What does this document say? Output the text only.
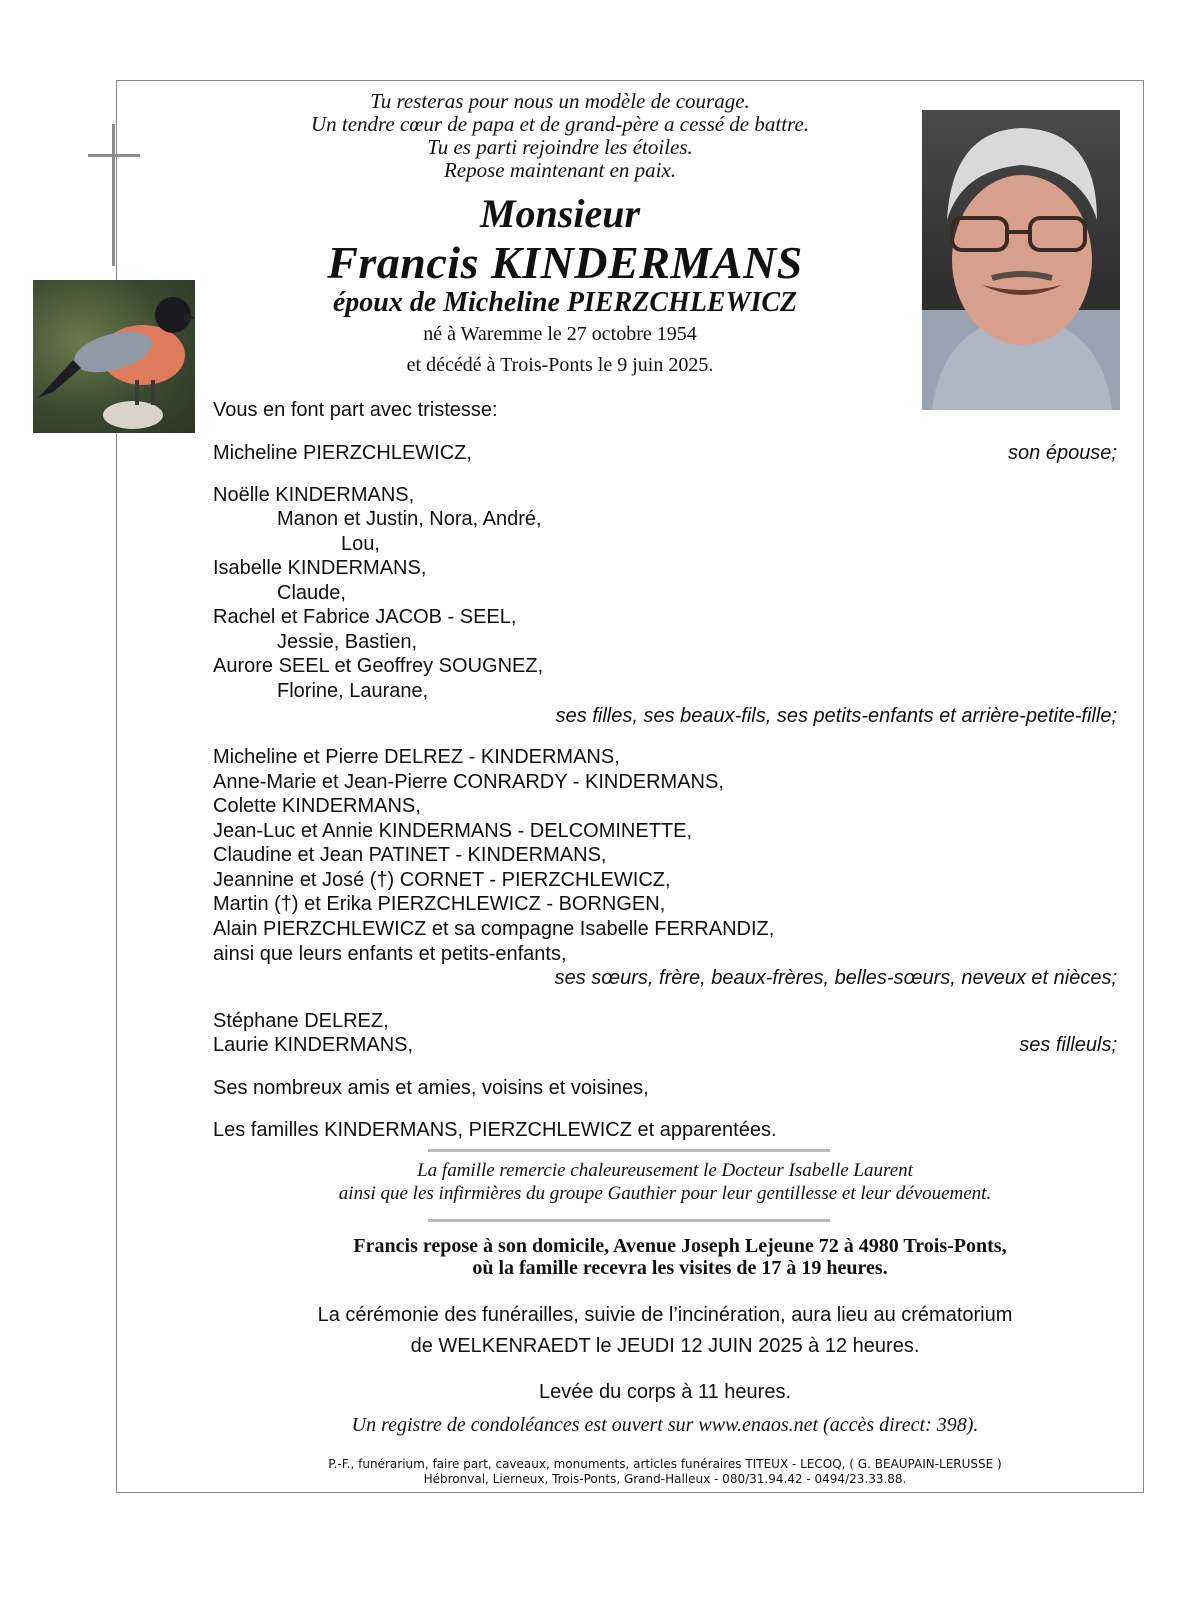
Tu resteras pour nous un modèle de courage.
Un tendre cœur de papa et de grand-père a cessé de battre.
Tu es parti rejoindre les étoiles.
Repose maintenant en paix.
Monsieur
Francis KINDERMANS
époux de Micheline PIERZCHLEWICZ
né à Waremme le 27 octobre 1954
et décédé à Trois-Ponts le 9 juin 2025.
Vous en font part avec tristesse:
Micheline PIERZCHLEWICZ,	son épouse;
Noëlle KINDERMANS,
Manon et Justin, Nora, André,
Lou,
Isabelle KINDERMANS,
Claude,
Rachel et Fabrice JACOB - SEEL,
Jessie, Bastien,
Aurore SEEL et Geoffrey SOUGNEZ,
Florine, Laurane,
ses filles, ses beaux-fils, ses petits-enfants et arrière-petite-fille;
Micheline et Pierre DELREZ - KINDERMANS,
Anne-Marie et Jean-Pierre CONRARDY - KINDERMANS,
Colette KINDERMANS,
Jean-Luc et Annie KINDERMANS - DELCOMINETTE,
Claudine et Jean PATINET - KINDERMANS,
Jeannine et José (†) CORNET - PIERZCHLEWICZ,
Martin (†) et Erika PIERZCHLEWICZ - BORNGEN,
Alain PIERZCHLEWICZ et sa compagne Isabelle FERRANDIZ,
ainsi que leurs enfants et petits-enfants,
ses sœurs, frère, beaux-frères, belles-sœurs, neveux et nièces;
Stéphane DELREZ,
Laurie KINDERMANS,	ses filleuls;
Ses nombreux amis et amies, voisins et voisines,
Les familles KINDERMANS, PIERZCHLEWICZ et apparentées.
La famille remercie chaleureusement le Docteur Isabelle Laurent
ainsi que les infirmières du groupe Gauthier pour leur gentillesse et leur dévouement.
Francis repose à son domicile, Avenue Joseph Lejeune 72 à 4980 Trois-Ponts,
où la famille recevra les visites de 17 à 19 heures.
La cérémonie des funérailles, suivie de l’incinération, aura lieu au crématorium
de WELKENRAEDT le JEUDI 12 JUIN 2025 à 12 heures.
Levée du corps à 11 heures.
Un registre de condoléances est ouvert sur www.enaos.net (accès direct: 398).
P.-F., funérarium, faire part, caveaux, monuments, articles funéraires TITEUX - LECOQ, ( G. BEAUPAIN-LERUSSE )
Hébronval, Lierneux, Trois-Ponts, Grand-Halleux - 080/31.94.42 - 0494/23.33.88.
